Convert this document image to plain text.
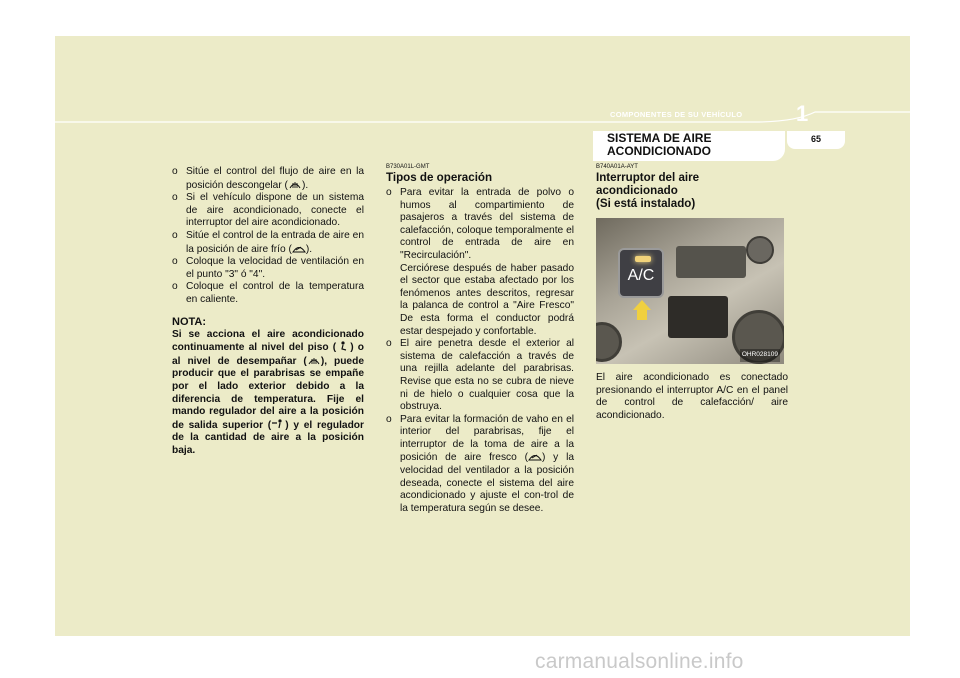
COMPONENTES DE SU VEHÍCULO 1
SISTEMA DE AIRE
ACONDICIONADO
65
o Sitúe el control del flujo de aire en la posición descongelar ( ).
o Si el vehículo dispone de un sistema de aire acondicionado, conecte el interruptor del aire acondicionado.
o Sitúe el control de la entrada de aire en la posición de aire frío ( ).
o Coloque la velocidad de ventilación en el punto "3" ó "4".
o Coloque el control de la temperatura en caliente.
NOTA:
Si se acciona el aire acondicionado continuamente al nivel del piso ( ) o al nivel de desempañar ( ), puede producir que el parabrisas se empañe por el lado exterior debido a la diferencia de temperatura. Fije el mando regulador del aire a la posición de salida superior ( ) y el regulador de la cantidad de aire a la posición baja.
B730A01L-GMT
Tipos de operación
o Para evitar la entrada de polvo o humos al compartimiento de pasajeros a través del sistema de calefacción, coloque temporalmente el control de entrada de aire en "Recirculación".
Cerciórese después de haber pasado el sector que estaba afectado por los fenómenos antes descritos, regresar la palanca de control a "Aire Fresco" De esta forma el conductor podrá estar despejado y confortable.
o El aire penetra desde el exterior al sistema de calefacción a través de una rejilla adelante del parabrisas. Revise que esta no se cubra de nieve ni de hielo o cualquier cosa que la obstruya.
o Para evitar la formación de vaho en el interior del parabrisas, fije el interruptor de la toma de aire a la posición de aire fresco ( ) y la velocidad del ventilador a la posición deseada, conecte el sistema del aire acondicionado y ajuste el con-trol de la temperatura según se desee.
B740A01A-AYT
Interruptor del aire
acondicionado
(Si está instalado)
A/C
OHR028109
El aire acondicionado es conectado presionando el interruptor A/C en el panel de control de calefacción/ aire acondicionado.
carmanualsonline.info
